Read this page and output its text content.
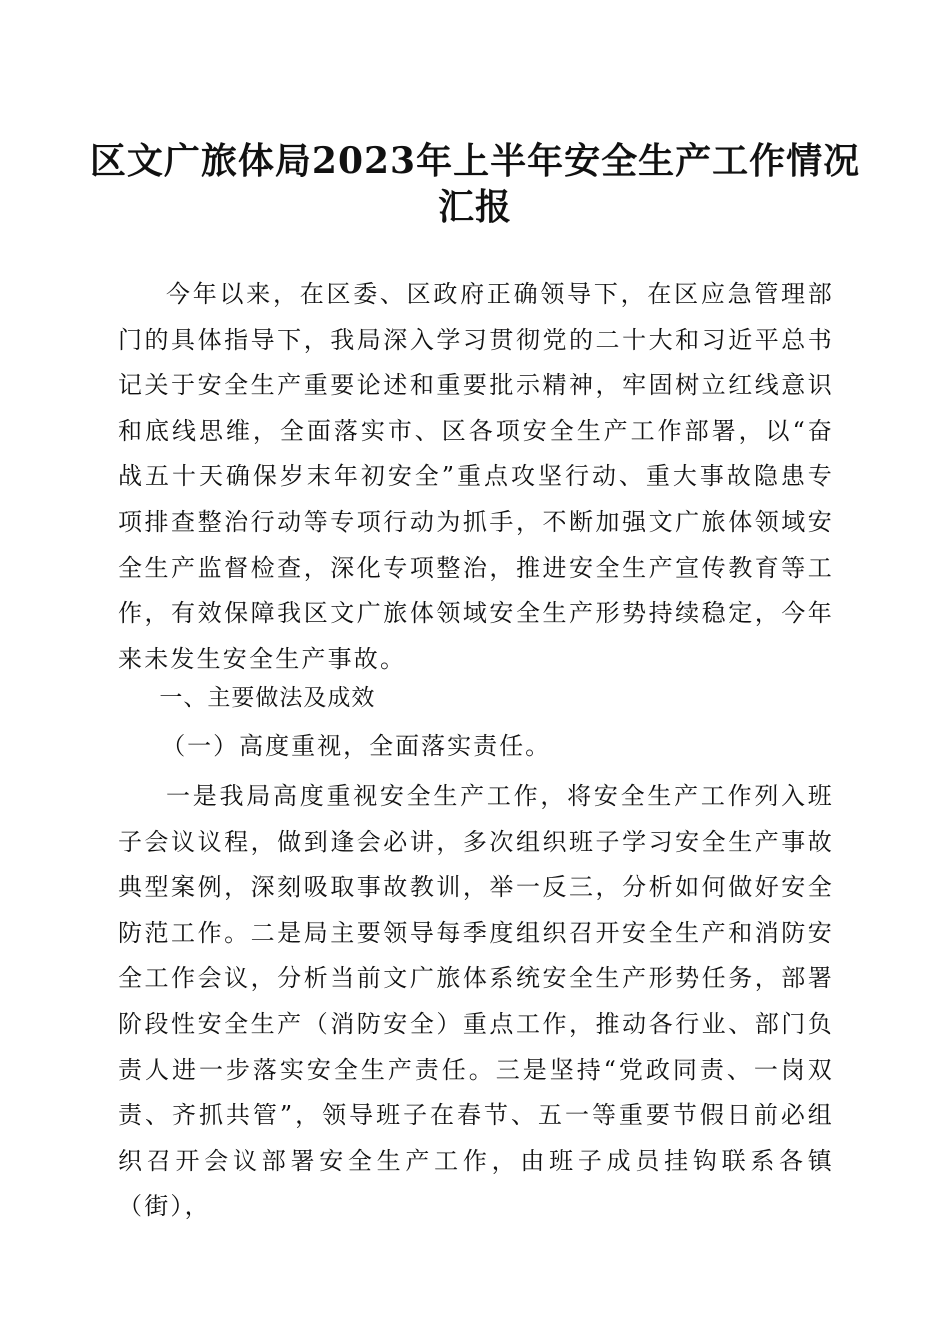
区文广旅体局2023年上半年安全生产工作情况汇报

今年以来，在区委、区政府正确领导下，在区应急管理部门的具体指导下，我局深入学习贯彻党的二十大和习近平总书记关于安全生产重要论述和重要批示精神，牢固树立红线意识和底线思维，全面落实市、区各项安全生产工作部署，以“奋战五十天确保岁末年初安全”重点攻坚行动、重大事故隐患专项排查整治行动等专项行动为抓手，不断加强文广旅体领域安全生产监督检查，深化专项整治，推进安全生产宣传教育等工作，有效保障我区文广旅体领域安全生产形势持续稳定，今年来未发生安全生产事故。

一、主要做法及成效

（一）高度重视，全面落实责任。

一是我局高度重视安全生产工作，将安全生产工作列入班子会议议程，做到逢会必讲，多次组织班子学习安全生产事故典型案例，深刻吸取事故教训，举一反三，分析如何做好安全防范工作。二是局主要领导每季度组织召开安全生产和消防安全工作会议，分析当前文广旅体系统安全生产形势任务，部署阶段性安全生产（消防安全）重点工作，推动各行业、部门负责人进一步落实安全生产责任。三是坚持“党政同责、一岗双责、齐抓共管”，领导班子在春节、五一等重要节假日前必组织召开会议部署安全生产工作，由班子成员挂钩联系各镇（街），
